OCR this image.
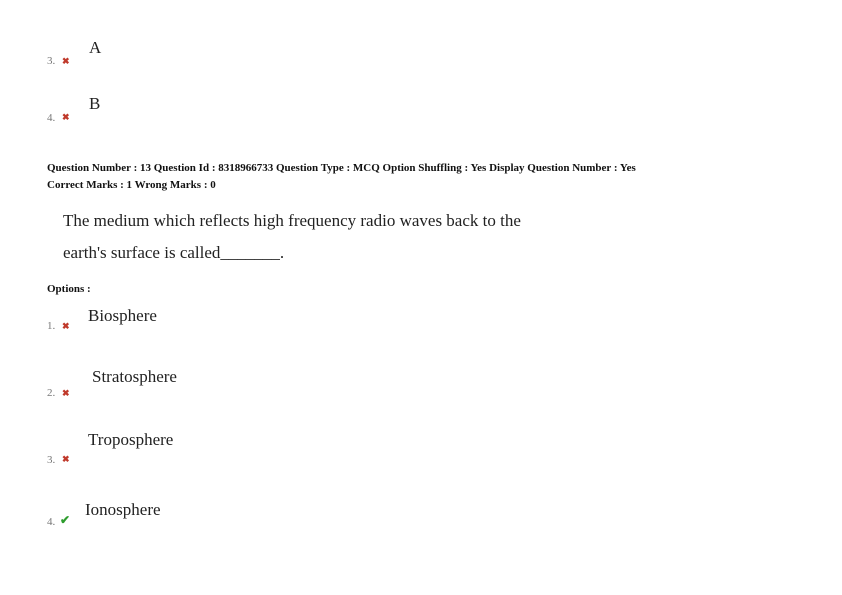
A
3. ✖
B
4. ✖
Question Number : 13 Question Id : 8318966733 Question Type : MCQ Option Shuffling : Yes Display Question Number : Yes
Correct Marks : 1 Wrong Marks : 0
The medium which reflects high frequency radio waves back to the
earth's surface is called_______.
Options :
Biosphere
1. ✖
Stratosphere
2. ✖
Troposphere
3. ✖
Ionosphere
4. ✔
